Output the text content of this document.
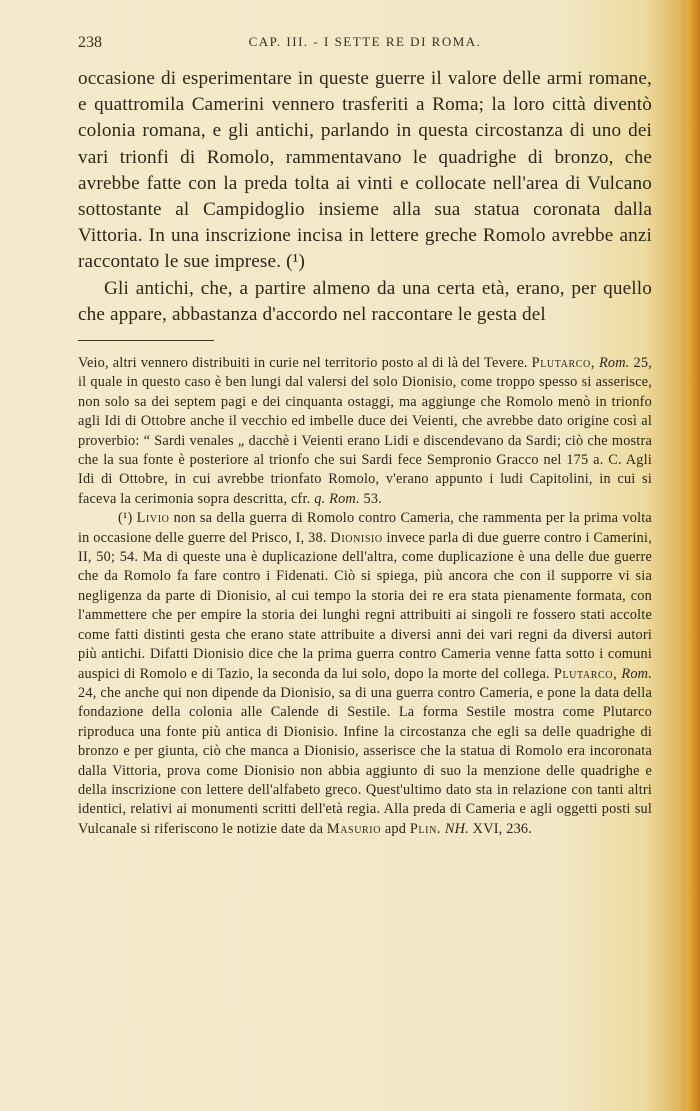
238	CAP. III. - I SETTE RE DI ROMA.

occasione di esperimentare in queste guerre il valore delle armi romane, e quattromila Camerini vennero trasferiti a Roma; la loro città diventò colonia romana, e gli antichi, parlando in questa circostanza di uno dei vari trionfi di Romolo, rammentavano le quadrighe di bronzo, che avrebbe fatte con la preda tolta ai vinti e collocate nell'area di Vulcano sottostante al Campidoglio insieme alla sua statua coronata dalla Vittoria. In una inscrizione incisa in lettere greche Romolo avrebbe anzi raccontato le sue imprese. (¹)

Gli antichi, che, a partire almeno da una certa età, erano, per quello che appare, abbastanza d'accordo nel raccontare le gesta del

Veio, altri vennero distribuiti in curie nel territorio posto al di là del Tevere. Plutarco, Rom. 25, il quale in questo caso è ben lungi dal valersi del solo Dionisio, come troppo spesso si asserisce, non solo sa dei septem pagi e dei cinquanta ostaggi, ma aggiunge che Romolo menò in trionfo agli Idi di Ottobre anche il vecchio ed imbelle duce dei Veienti, che avrebbe dato origine così al proverbio: “ Sardi venales „ dacchè i Veienti erano Lidi e discendevano da Sardi; ciò che mostra che la sua fonte è posteriore al trionfo che sui Sardi fece Sempronio Gracco nel 175 a. C. Agli Idi di Ottobre, in cui avrebbe trionfato Romolo, v'erano appunto i ludi Capitolini, in cui si faceva la cerimonia sopra descritta, cfr. q. Rom. 53.

(¹) Livio non sa della guerra di Romolo contro Cameria, che rammenta per la prima volta in occasione delle guerre del Prisco, I, 38. Dionisio invece parla di due guerre contro i Camerini, II, 50; 54. Ma di queste una è duplicazione dell'altra, come duplicazione è una delle due guerre che da Romolo fa fare contro i Fidenati. Ciò si spiega, più ancora che con il supporre vi sia negligenza da parte di Dionisio, al cui tempo la storia dei re era stata pienamente formata, con l'ammettere che per empire la storia dei lunghi regni attribuiti ai singoli re fossero stati accolte come fatti distinti gesta che erano state attribuite a diversi anni dei vari regni da diversi autori più antichi. Difatti Dionisio dice che la prima guerra contro Cameria venne fatta sotto i comuni auspici di Romolo e di Tazio, la seconda da lui solo, dopo la morte del collega. Plutarco, Rom. 24, che anche qui non dipende da Dionisio, sa di una guerra contro Cameria, e pone la data della fondazione della colonia alle Calende di Sestile. La forma Sestile mostra come Plutarco riproduca una fonte più antica di Dionisio. Infine la circostanza che egli sa delle quadrighe di bronzo e per giunta, ciò che manca a Dionisio, asserisce che la statua di Romolo era incoronata dalla Vittoria, prova come Dionisio non abbia aggiunto di suo la menzione delle quadrighe e della inscrizione con lettere dell'alfabeto greco. Quest'ultimo dato sta in relazione con tanti altri identici, relativi ai monumenti scritti dell'età regia. Alla preda di Cameria e agli oggetti posti sul Vulcanale si riferiscono le notizie date da Masurio apd Plin. NH. XVI, 236.
